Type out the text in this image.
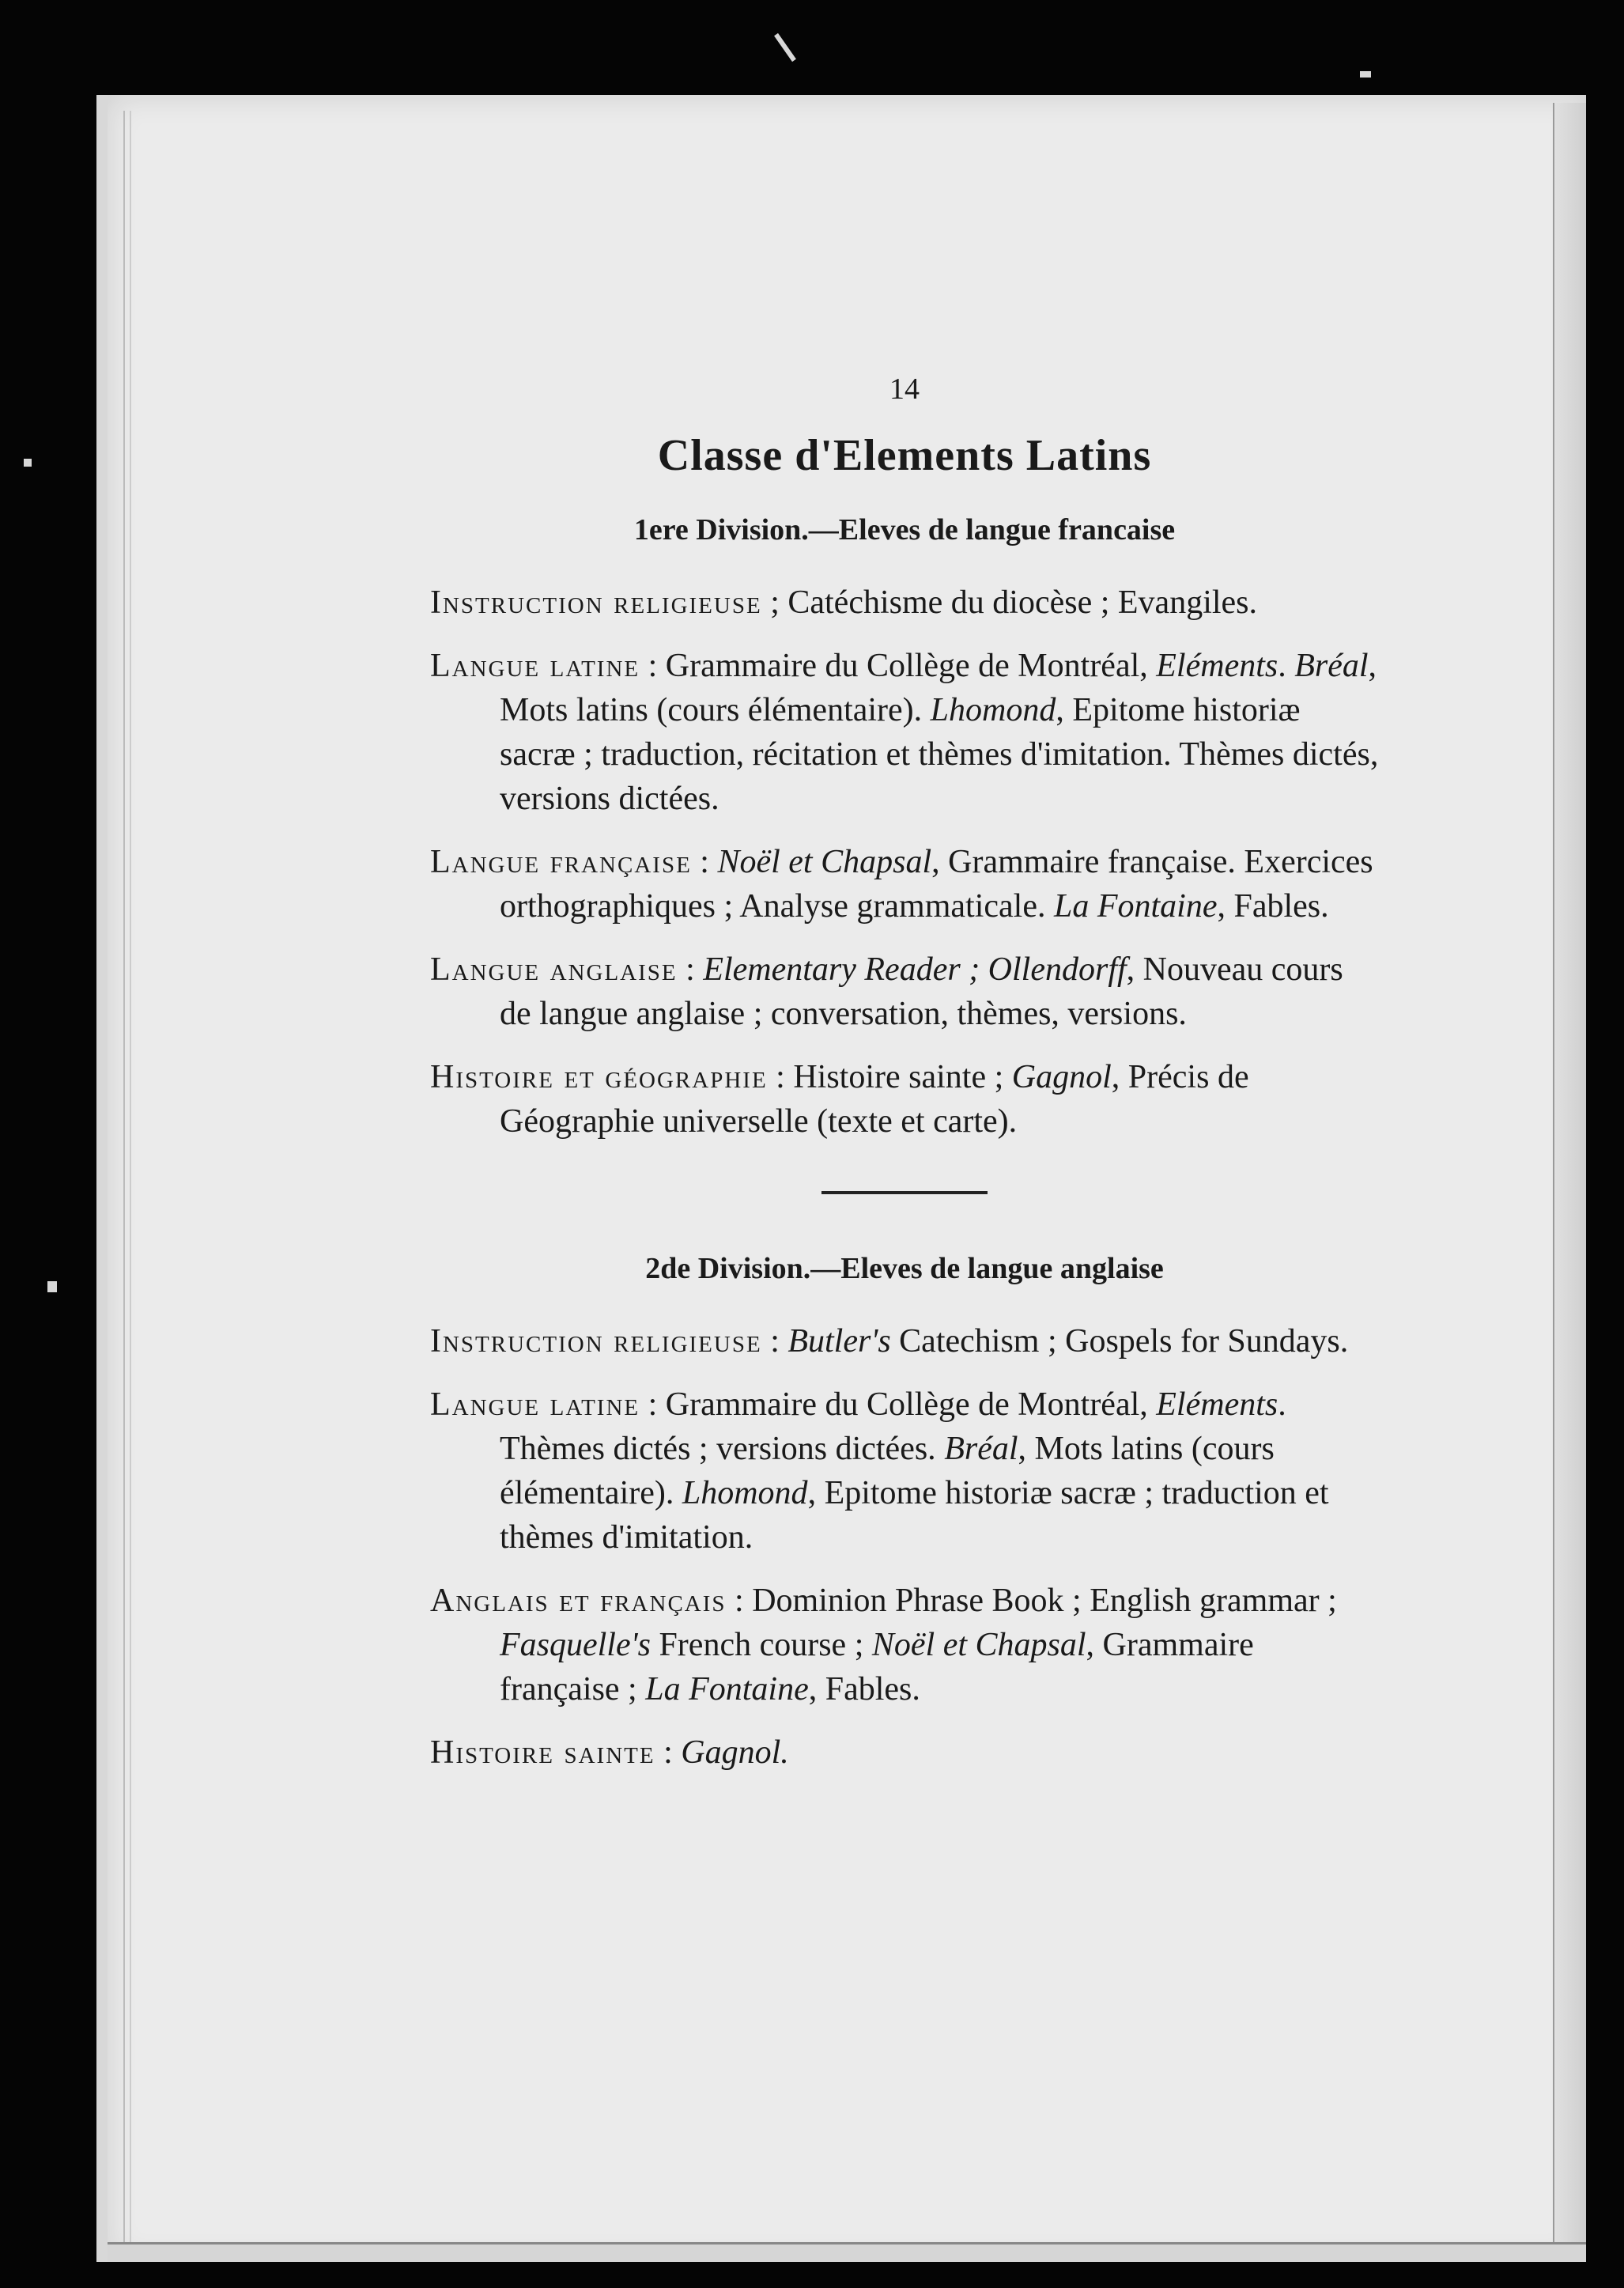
14
Classe d'Elements Latins
1ere Division.—Eleves de langue francaise
Instruction religieuse ; Catéchisme du diocèse ; Evangiles.
Langue latine : Grammaire du Collège de Montréal, Eléments. Bréal, Mots latins (cours élémentaire). Lhomond, Epitome historiæ sacræ ; traduction, récitation et thèmes d'imitation. Thèmes dictés, versions dictées.
Langue française : Noël et Chapsal, Grammaire française. Exercices orthographiques ; Analyse grammaticale. La Fontaine, Fables.
Langue anglaise : Elementary Reader ; Ollendorff, Nouveau cours de langue anglaise ; conversation, thèmes, versions.
Histoire et géographie : Histoire sainte ; Gagnol, Précis de Géographie universelle (texte et carte).
2de Division.—Eleves de langue anglaise
Instruction religieuse : Butler's Catechism ; Gospels for Sundays.
Langue latine : Grammaire du Collège de Montréal, Eléments. Thèmes dictés ; versions dictées. Bréal, Mots latins (cours élémentaire). Lhomond, Epitome historiæ sacræ ; traduction et thèmes d'imitation.
Anglais et français : Dominion Phrase Book ; English grammar ; Fasquelle's French course ; Noël et Chapsal, Grammaire française ; La Fontaine, Fables.
Histoire sainte : Gagnol.
